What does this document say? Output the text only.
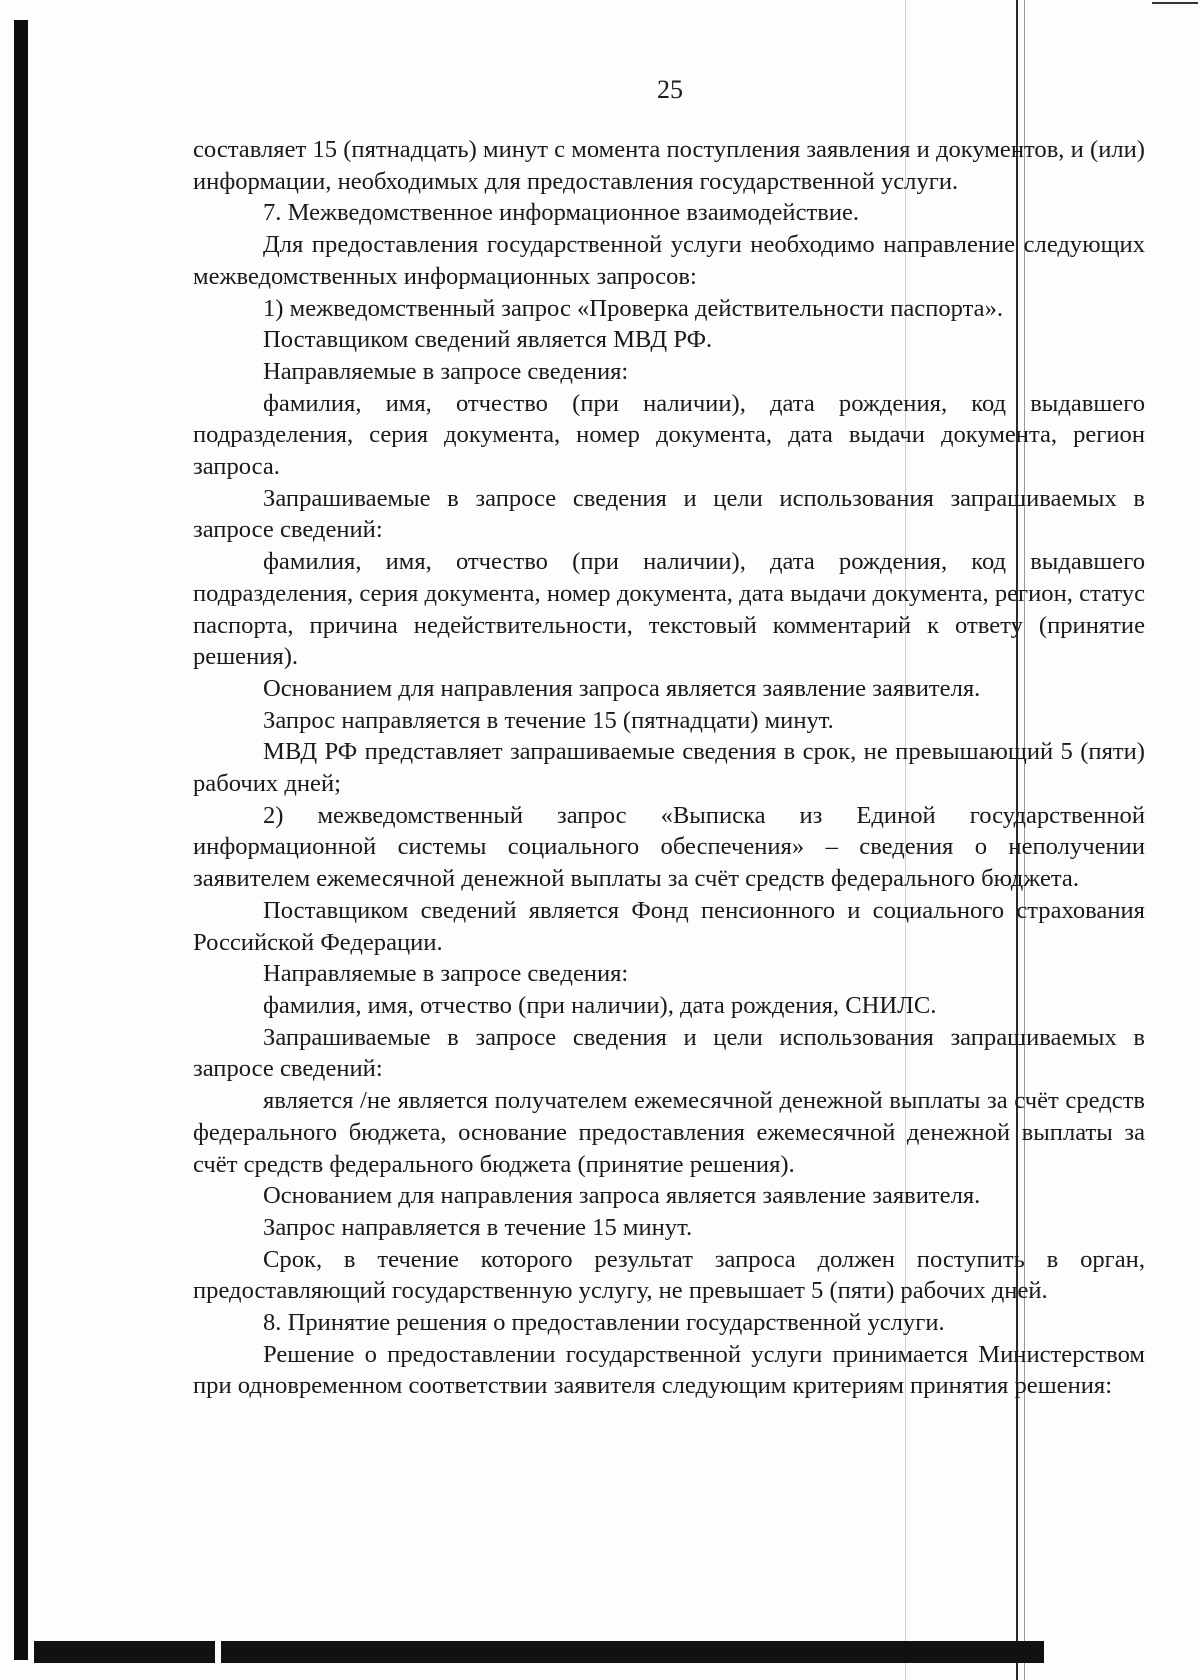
25

составляет 15 (пятнадцать) минут с момента поступления заявления и документов, и (или) информации, необходимых для предоставления государственной услуги.

7. Межведомственное информационное взаимодействие.

Для предоставления государственной услуги необходимо направление следующих межведомственных информационных запросов:

1) межведомственный запрос «Проверка действительности паспорта».

Поставщиком сведений является МВД РФ.

Направляемые в запросе сведения:

фамилия, имя, отчество (при наличии), дата рождения, код выдавшего подразделения, серия документа, номер документа, дата выдачи документа, регион запроса.

Запрашиваемые в запросе сведения и цели использования запрашиваемых в запросе сведений:

фамилия, имя, отчество (при наличии), дата рождения, код выдавшего подразделения, серия документа, номер документа, дата выдачи документа, регион, статус паспорта, причина недействительности, текстовый комментарий к ответу (принятие решения).

Основанием для направления запроса является заявление заявителя.

Запрос направляется в течение 15 (пятнадцати) минут.

МВД РФ представляет запрашиваемые сведения в срок, не превышающий 5 (пяти) рабочих дней;

2) межведомственный запрос «Выписка из Единой государственной информационной системы социального обеспечения» – сведения о неполучении заявителем ежемесячной денежной выплаты за счёт средств федерального бюджета.

Поставщиком сведений является Фонд пенсионного и социального страхования Российской Федерации.

Направляемые в запросе сведения:

фамилия, имя, отчество (при наличии), дата рождения, СНИЛС.

Запрашиваемые в запросе сведения и цели использования запрашиваемых в запросе сведений:

является /не является получателем ежемесячной денежной выплаты за счёт средств федерального бюджета, основание предоставления ежемесячной денежной выплаты за счёт средств федерального бюджета (принятие решения).

Основанием для направления запроса является заявление заявителя.

Запрос направляется в течение 15 минут.

Срок, в течение которого результат запроса должен поступить в орган, предоставляющий государственную услугу, не превышает 5 (пяти) рабочих дней.

8. Принятие решения о предоставлении государственной услуги.

Решение о предоставлении государственной услуги принимается Министерством при одновременном соответствии заявителя следующим критериям принятия решения:
